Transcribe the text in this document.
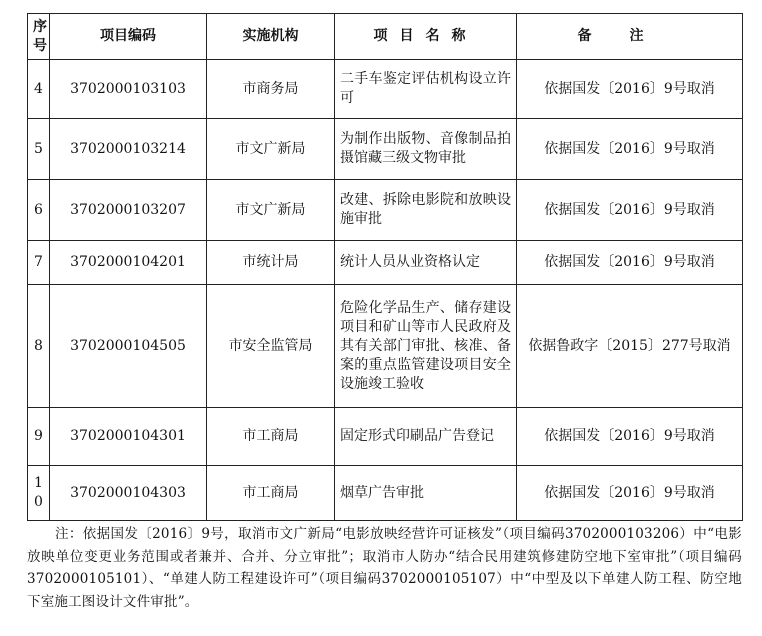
序号	项目编码	实施机构	项目名称	备注
4	3702000103103	市商务局	二手车鉴定评估机构设立许可	依据国发〔2016〕9号取消
5	3702000103214	市文广新局	为制作出版物、音像制品拍摄馆藏三级文物审批	依据国发〔2016〕9号取消
6	3702000103207	市文广新局	改建、拆除电影院和放映设施审批	依据国发〔2016〕9号取消
7	3702000104201	市统计局	统计人员从业资格认定	依据国发〔2016〕9号取消
8	3702000104505	市安全监管局	危险化学品生产、储存建设项目和矿山等市人民政府及其有关部门审批、核准、备案的重点监管建设项目安全设施竣工验收	依据鲁政字〔2015〕277号取消
9	3702000104301	市工商局	固定形式印刷品广告登记	依据国发〔2016〕9号取消
10	3702000104303	市工商局	烟草广告审批	依据国发〔2016〕9号取消

注：依据国发〔2016〕9号，取消市文广新局“电影放映经营许可证核发”（项目编码3702000103206）中“电影放映单位变更业务范围或者兼并、合并、分立审批”；取消市人防办“结合民用建筑修建防空地下室审批”（项目编码3702000105101）、“单建人防工程建设许可”（项目编码3702000105107）中“中型及以下单建人防工程、防空地下室施工图设计文件审批”。
